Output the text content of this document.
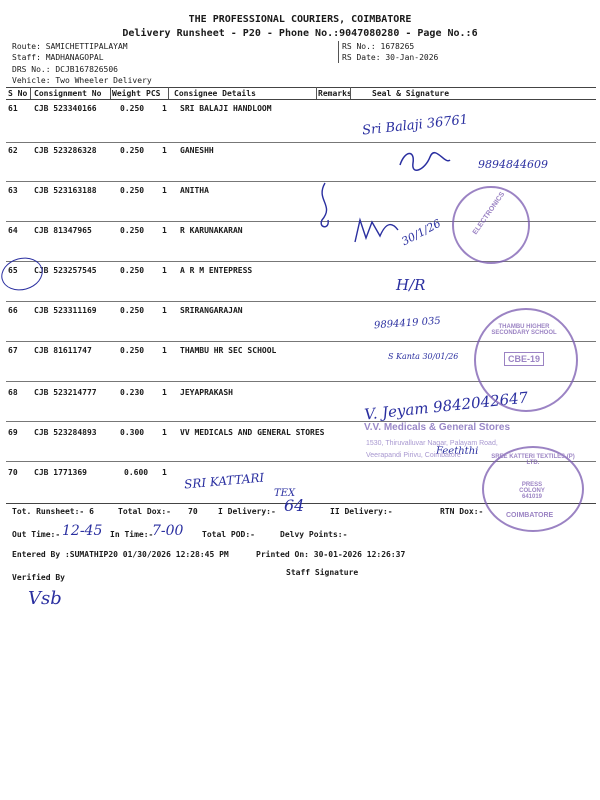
THE PROFESSIONAL COURIERS, COIMBATORE
Delivery Runsheet - P20 - Phone No.:9047080280 - Page No.:6
Route: SAMICHETTIPALAYAM
Staff: MADHANAGOPAL
DRS No.: DCJB167826506
Vehicle: Two Wheeler Delivery
RS No.: 1678265
RS Date: 30-Jan-2026
S No Consignment No Weight PCS Consignee Details	Remarks	Seal & Signature
61 CJB 523340166	0.250 1 SRI BALAJI HANDLOOM
62 CJB 523286328	0.250 1 GANESHH
63 CJB 523163188	0.250 1 ANITHA
64 CJB 81347965	0.250 1 R KARUNAKARAN
65 CJB 523257545	0.250 1 A R M ENTEPRESS
66 CJB 523311169	0.250 1 SRIRANGARAJAN
67 CJB 81611747	0.250 1 THAMBU HR SEC SCHOOL
68 CJB 523214777	0.230 1 JEYAPRAKASH
69 CJB 523284893	0.300 1 VV MEDICALS AND GENERAL STORES
70 CJB 1771369	0.600 1
Sri Balaji 36761
9894844609
30/1/26
H/R
9894419 035
S Kanta 30/01/26
V. Jeyam 9842042647
Feeththi
SRI KATTARI
TEX
ELECTRONICS
THAMBU HIGHER SECONDARY SCHOOL
CBE-19
V.V. Medicals & General Stores
1530, Thiruvalluvar Nagar, Palayam Road,
Veerapandi Pirivu, Coimbatore	SREE KATTERI TEXTILES (P) LTD.
PRESS COLONY 641019
COIMBATORE
Tot. Runsheet:- 6	Total Dox:- 70	I Delivery:- 64	II Delivery:-	RTN Dox:-
Out Time:- 12-45 In Time:-
7-00 Total POD:-	Delvy Points:-
Entered By :SUMATHIP20 01/30/2026 12:28:45 PM	Printed On: 30-01-2026 12:26:37
Verified By
Staff Signature
Vsb
